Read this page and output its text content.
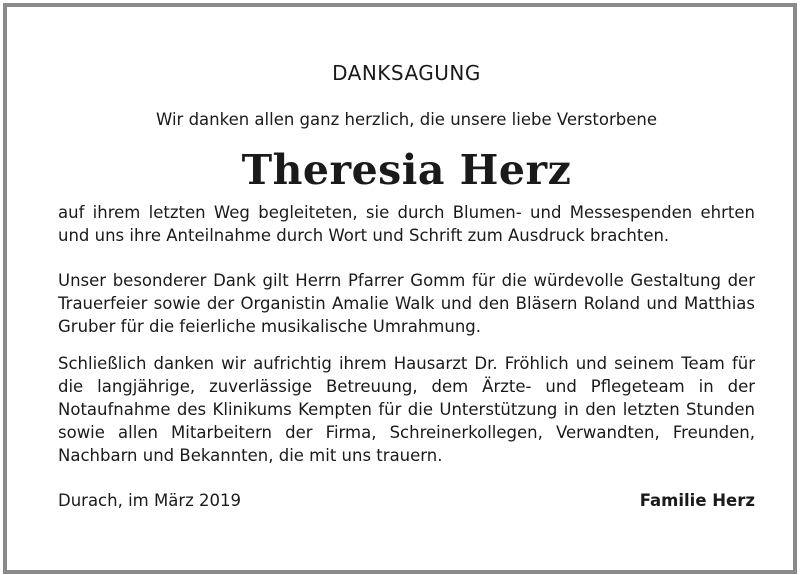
DANKSAGUNG

Wir danken allen ganz herzlich, die unsere liebe Verstorbene

Theresia Herz

auf ihrem letzten Weg begleiteten, sie durch Blumen- und Messespenden ehrten und uns ihre Anteilnahme durch Wort und Schrift zum Ausdruck brachten.

Unser besonderer Dank gilt Herrn Pfarrer Gomm für die würdevolle Gestaltung der Trauerfeier sowie der Organistin Amalie Walk und den Bläsern Roland und Matthias Gruber für die feierliche musikalische Umrahmung.

Schließlich danken wir aufrichtig ihrem Hausarzt Dr. Fröhlich und seinem Team für die langjährige, zuverlässige Betreuung, dem Ärzte- und Pflegeteam in der Notaufnahme des Klinikums Kempten für die Unterstützung in den letzten Stunden sowie allen Mitarbeitern der Firma, Schreinerkollegen, Verwandten, Freunden, Nachbarn und Bekannten, die mit uns trauern.

Durach, im März 2019	Familie Herz
